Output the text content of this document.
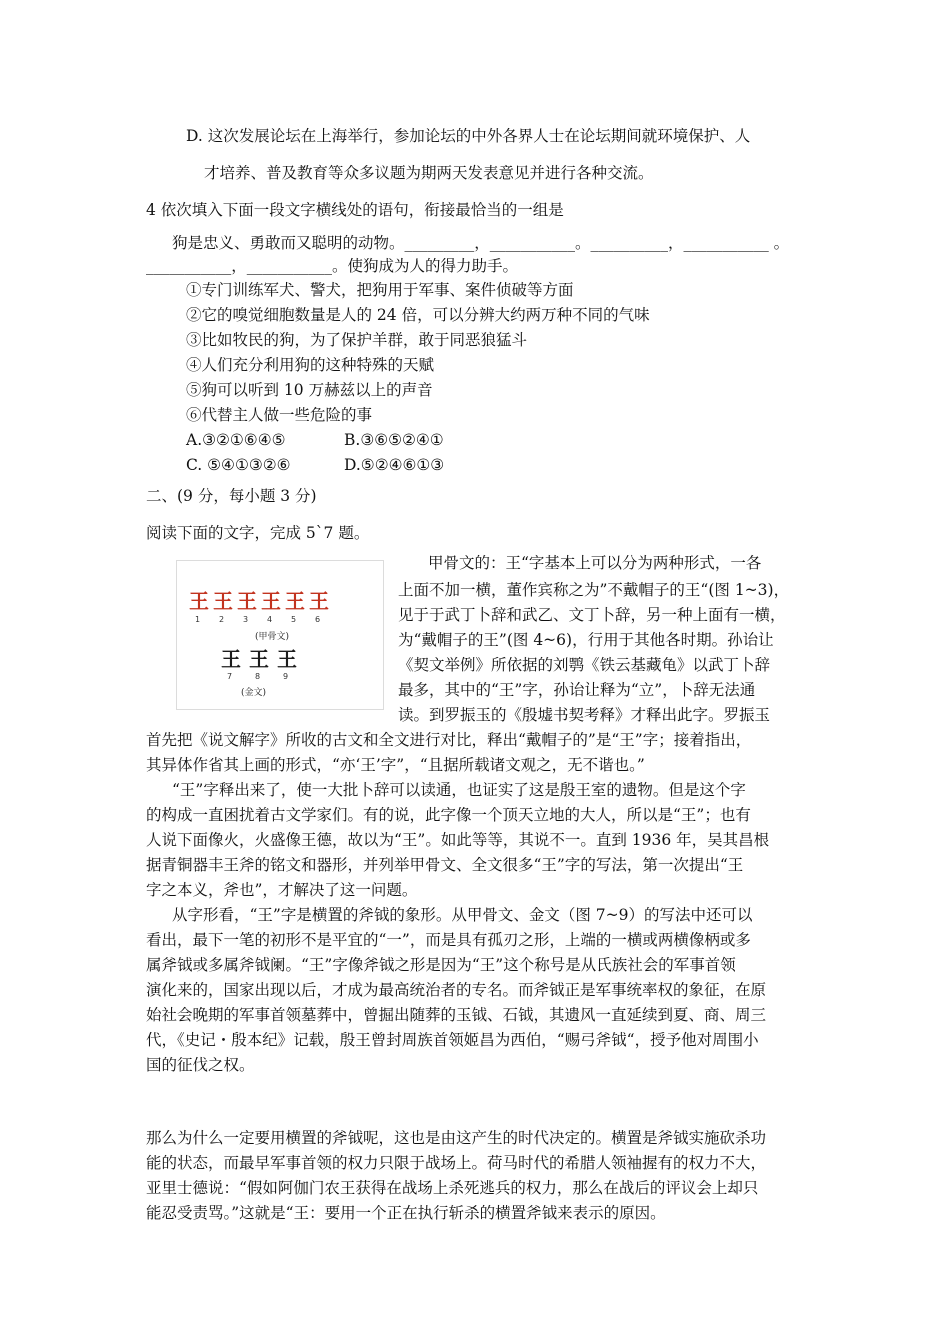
D. 这次发展论坛在上海举行，参加论坛的中外各界人士在论坛期间就环境保护、人
才培养、普及教育等众多议题为期两天发表意见并进行各种交流。
4 依次填入下面一段文字横线处的语句，衔接最恰当的一组是
狗是忠义、勇敢而又聪明的动物。_________，___________。__________，___________ 。
___________，___________。使狗成为人的得力助手。
①专门训练军犬、警犬，把狗用于军事、案件侦破等方面
②它的嗅觉细胞数量是人的 24 倍，可以分辨大约两万种不同的气味
③比如牧民的狗，为了保护羊群，敢于同恶狼猛斗
④人们充分利用狗的这种特殊的天赋
⑤狗可以听到 10 万赫兹以上的声音
⑥代替主人做一些危险的事
A.③②①⑥④⑤	B.③⑥⑤②④①
C. ⑤④①③②⑥	D.⑤②④⑥①③
二、(9 分，每小题 3 分)
阅读下面的文字，完成 5`7 题。
王 王 王 王 王 王
1 2 3 4 5 6
(甲骨文)
王 王 王
7	8	9
(金文)
甲骨文的：王“字基本上可以分为两种形式，一各
上面不加一横，董作宾称之为”不戴帽子的王“(图 1~3)，
见于于武丁卜辞和武乙、文丁卜辞，另一种上面有一横，
为“戴帽子的王”(图 4~6)，行用于其他各时期。孙诒让
《契文举例》所依据的刘鹗《铁云基藏龟》以武丁卜辞
最多，其中的“王”字，孙诒让释为“立”，卜辞无法通
读。到罗振玉的《殷墟书契考释》才释出此字。罗振玉
首先把《说文解字》所收的古文和全文进行对比，释出“戴帽子的”是“王”字；接着指出，
其异体作省其上画的形式，“亦‘王’字”，“且据所载诸文观之，无不谐也。”
“王”字释出来了，使一大批卜辞可以读通，也证实了这是殷王室的遗物。但是这个字
的构成一直困扰着古文学家们。有的说，此字像一个顶天立地的大人，所以是“王”；也有
人说下面像火，火盛像王德，故以为“王”。如此等等，其说不一。直到 1936 年，吴其昌根
据青铜器丰王斧的铭文和器形，并列举甲骨文、全文很多“王”字的写法，第一次提出“王
字之本义，斧也”，才解决了这一问题。
从字形看，“王”字是横置的斧钺的象形。从甲骨文、金文（图 7~9）的写法中还可以
看出，最下一笔的初形不是平宜的“一”，而是具有孤刃之形，上端的一横或两横像柄或多
属斧钺或多属斧钺阑。“王”字像斧钺之形是因为“王”这个称号是从氏族社会的军事首领
演化来的，国家出现以后，才成为最高统治者的专名。而斧钺正是军事统率权的象征，在原
始社会晚期的军事首领墓葬中，曾掘出随葬的玉钺、石钺，其遗风一直延续到夏、商、周三
代，《史记・殷本纪》记载，殷王曾封周族首领姬昌为西伯，“赐弓斧钺“，授予他对周围小
国的征伐之权。
那么为什么一定要用横置的斧钺呢，这也是由这产生的时代决定的。横置是斧钺实施砍杀功
能的状态，而最早军事首领的权力只限于战场上。荷马时代的希腊人领袖握有的权力不大，
亚里士德说：“假如阿伽门农王获得在战场上杀死逃兵的权力，那么在战后的评议会上却只
能忍受责骂。”这就是“王：要用一个正在执行斩杀的横置斧钺来表示的原因。
